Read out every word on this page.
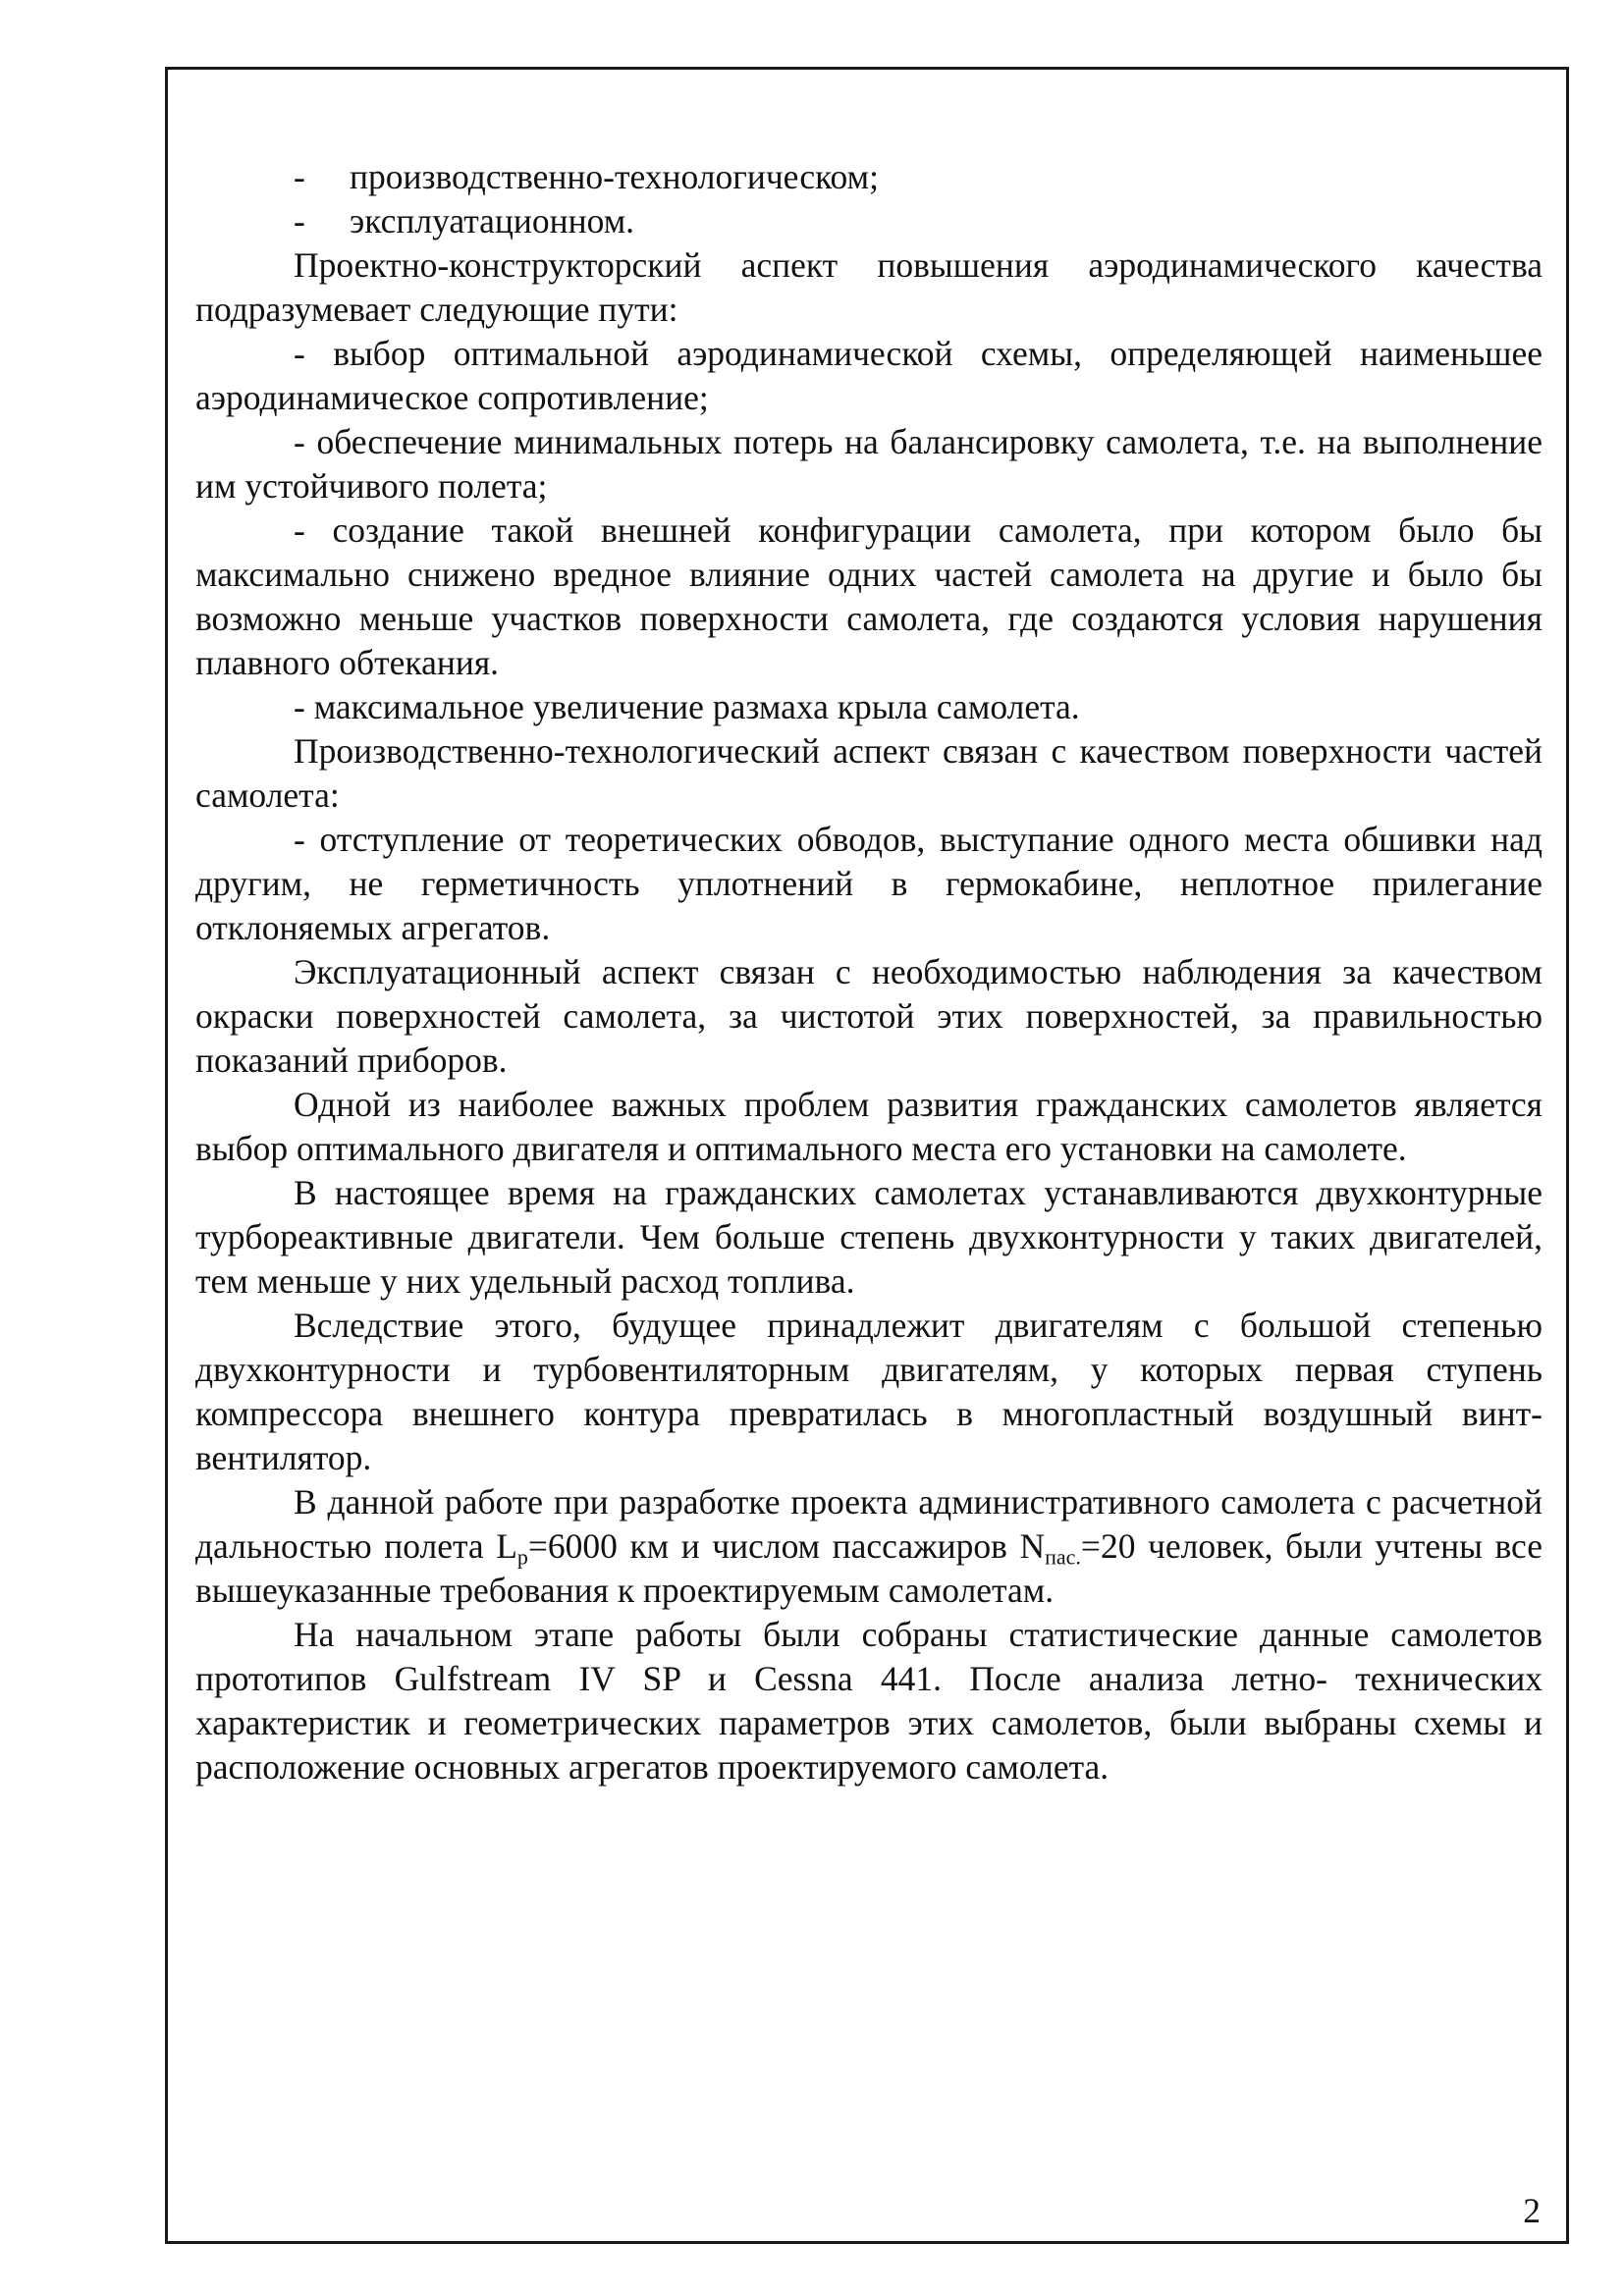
- производственно-технологическом;

- эксплуатационном.

Проектно-конструкторский аспект повышения аэродинамического качества подразумевает следующие пути:

- выбор оптимальной аэродинамической схемы, определяющей наименьшее аэродинамическое сопротивление;

- обеспечение минимальных потерь на балансировку самолета, т.е. на выполнение им устойчивого полета;

- создание такой внешней конфигурации самолета, при котором было бы максимально снижено вредное влияние одних частей самолета на другие и было бы возможно меньше участков поверхности самолета, где создаются условия нарушения плавного обтекания.

- максимальное увеличение размаха крыла самолета.

Производственно-технологический аспект связан с качеством поверхности частей самолета:

- отступление от теоретических обводов, выступание одного места обшивки над другим, не герметичность уплотнений в гермокабине, неплотное прилегание отклоняемых агрегатов.

Эксплуатационный аспект связан с необходимостью наблюдения за качеством окраски поверхностей самолета, за чистотой этих поверхностей, за правильностью показаний приборов.

Одной из наиболее важных проблем развития гражданских самолетов является выбор оптимального двигателя и оптимального места его установки на самолете.

В настоящее время на гражданских самолетах устанавливаются двухконтурные турбореактивные двигатели. Чем больше степень двухконтурности у таких двигателей, тем меньше у них удельный расход топлива.

Вследствие этого, будущее принадлежит двигателям с большой степенью двухконтурности и турбовентиляторным двигателям, у которых первая ступень компрессора внешнего контура превратилась в многопластный воздушный винт-вентилятор.

В данной работе при разработке проекта административного самолета с расчетной дальностью полета $L_р=6000$ км и числом пассажиров $N_{пас.}=20$ человек, были учтены все вышеуказанные требования к проектируемым самолетам.

На начальном этапе работы были собраны статистические данные самолетов прототипов Gulfstream IV SP и Cessna 441. После анализа летно- технических характеристик и геометрических параметров этих самолетов, были выбраны схемы и расположение основных агрегатов проектируемого самолета.

2
